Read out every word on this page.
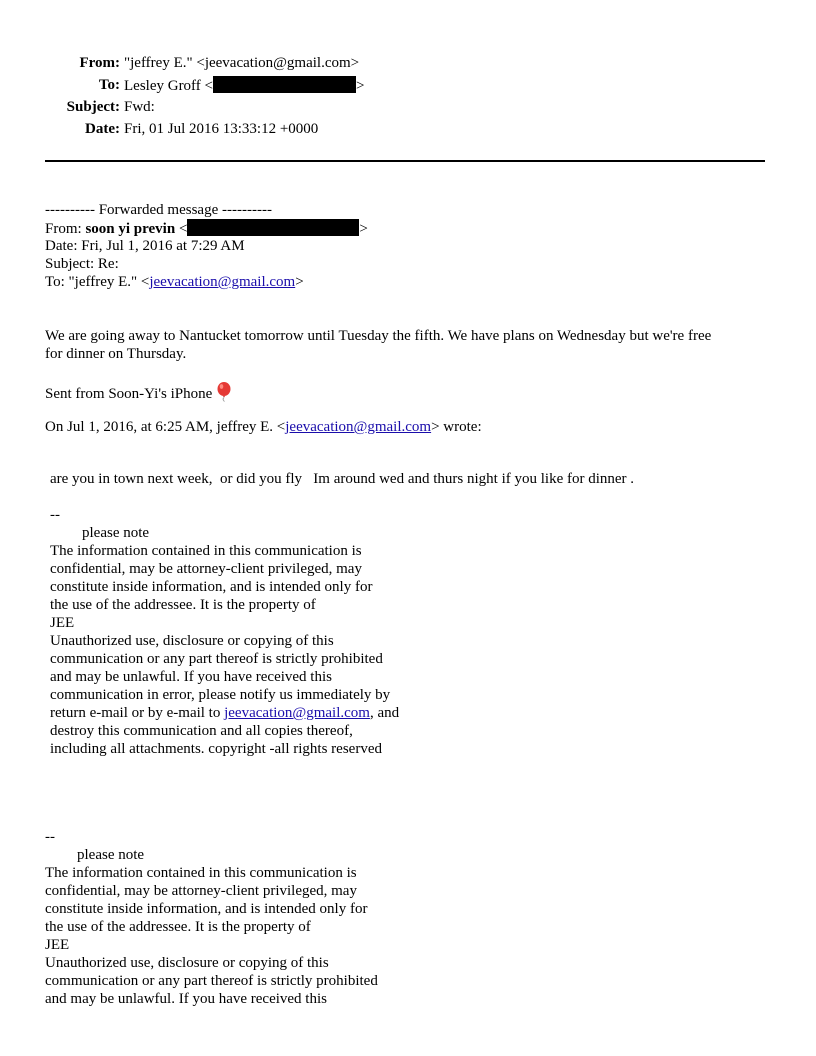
From:	"jeffrey E." <jeevacation@gmail.com>
To:	Lesley Groff < >
Subject:	Fwd:
Date:	Fri, 01 Jul 2016 13:33:12 +0000
---------- Forwarded message ----------
From: soon yi previn <	>
Date: Fri, Jul 1, 2016 at 7:29 AM
Subject: Re:
To: "jeffrey E." <jeevacation@gmail.com>
We are going away to Nantucket tomorrow until Tuesday the fifth. We have plans on Wednesday but we're free
for dinner on Thursday.
Sent from Soon-Yi's iPhone
On Jul 1, 2016, at 6:25 AM, jeffrey E. <jeevacation@gmail.com> wrote:
are you in town next week,  or did you fly   Im around wed and thurs night if you like for dinner .
--
please note
The information contained in this communication is
confidential, may be attorney-client privileged, may
constitute inside information, and is intended only for
the use of the addressee. It is the property of
JEE
Unauthorized use, disclosure or copying of this
communication or any part thereof is strictly prohibited
and may be unlawful. If you have received this
communication in error, please notify us immediately by
return e-mail or by e-mail to jeevacation@gmail.com, and
destroy this communication and all copies thereof,
including all attachments. copyright -all rights reserved
--
please note
The information contained in this communication is
confidential, may be attorney-client privileged, may
constitute inside information, and is intended only for
the use of the addressee. It is the property of
JEE
Unauthorized use, disclosure or copying of this
communication or any part thereof is strictly prohibited
and may be unlawful. If you have received this
